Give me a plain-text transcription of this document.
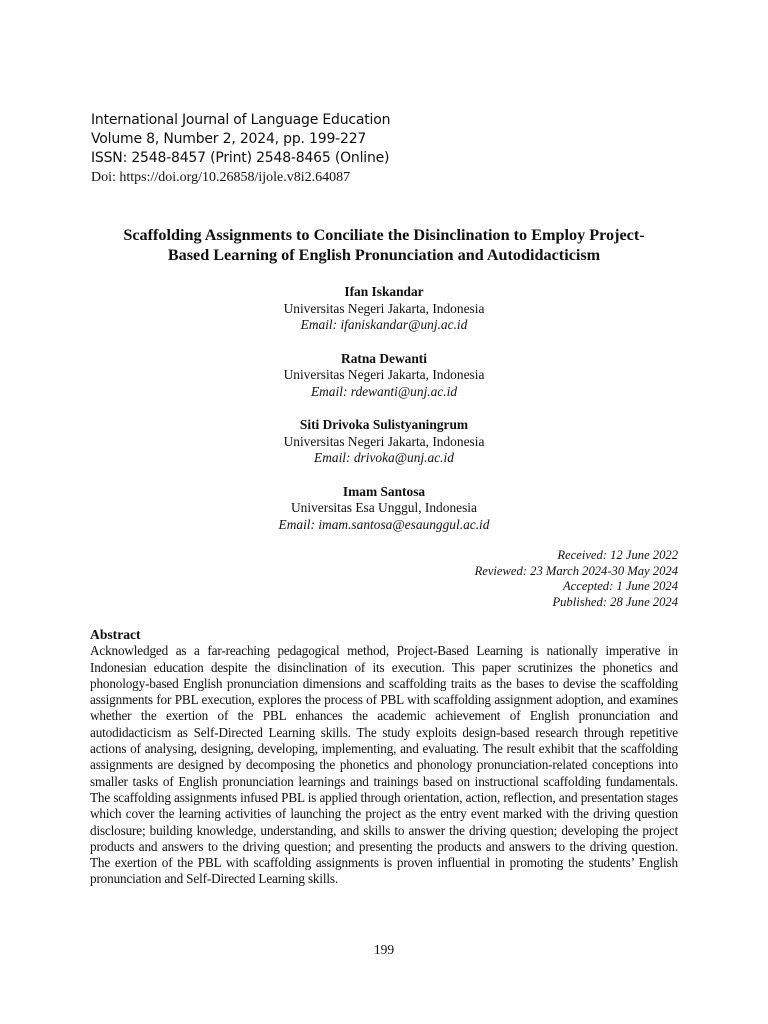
International Journal of Language Education
Volume 8, Number 2, 2024, pp. 199-227
ISSN: 2548-8457 (Print) 2548-8465 (Online)
Doi: https://doi.org/10.26858/ijole.v8i2.64087
Scaffolding Assignments to Conciliate the Disinclination to Employ Project-
Based Learning of English Pronunciation and Autodidacticism
Ifan Iskandar
Universitas Negeri Jakarta, Indonesia
Email: ifaniskandar@unj.ac.id
Ratna Dewanti
Universitas Negeri Jakarta, Indonesia
Email: rdewanti@unj.ac.id
Siti Drivoka Sulistyaningrum
Universitas Negeri Jakarta, Indonesia
Email: drivoka@unj.ac.id
Imam Santosa
Universitas Esa Unggul, Indonesia
Email: imam.santosa@esaunggul.ac.id
Received: 12 June 2022
Reviewed: 23 March 2024-30 May 2024
Accepted: 1 June 2024
Published: 28 June 2024
Abstract
Acknowledged as a far-reaching pedagogical method, Project-Based Learning is nationally imperative in Indonesian education despite the disinclination of its execution. This paper scrutinizes the phonetics and phonology-based English pronunciation dimensions and scaffolding traits as the bases to devise the scaffolding assignments for PBL execution, explores the process of PBL with scaffolding assignment adoption, and examines whether the exertion of the PBL enhances the academic achievement of English pronunciation and autodidacticism as Self-Directed Learning skills. The study exploits design-based research through repetitive actions of analysing, designing, developing, implementing, and evaluating. The result exhibit that the scaffolding assignments are designed by decomposing the phonetics and phonology pronunciation-related conceptions into smaller tasks of English pronunciation learnings and trainings based on instructional scaffolding fundamentals. The scaffolding assignments infused PBL is applied through orientation, action, reflection, and presentation stages which cover the learning activities of launching the project as the entry event marked with the driving question disclosure; building knowledge, understanding, and skills to answer the driving question; developing the project products and answers to the driving question; and presenting the products and answers to the driving question. The exertion of the PBL with scaffolding assignments is proven influential in promoting the students’ English pronunciation and Self-Directed Learning skills.
199
